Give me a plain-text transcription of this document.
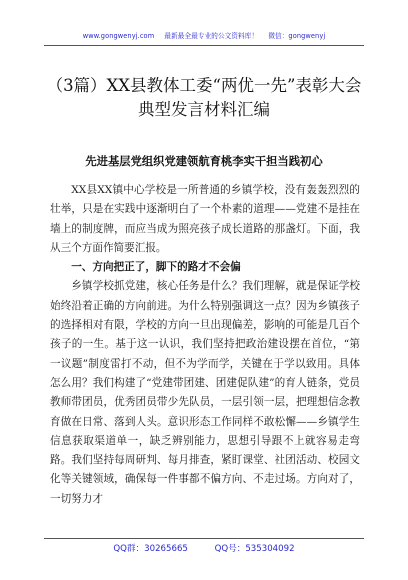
www.gongwenyj.com 最新最全最专业的公文资料库！ 微信：gongwenyj
（3篇）XX县教体工委“两优一先”表彰大会典型发言材料汇编
先进基层党组织党建领航育桃李实干担当践初心

XX县XX镇中心学校是一所普通的乡镇学校，没有轰轰烈烈的壮举，只是在实践中逐渐明白了一个朴素的道理——党建不是挂在墙上的制度牌，而应当成为照亮孩子成长道路的那盏灯。下面，我从三个方面作简要汇报。

一、方向把正了，脚下的路才不会偏

乡镇学校抓党建，核心任务是什么？我们理解，就是保证学校始终沿着正确的方向前进。为什么特别强调这一点？因为乡镇孩子的选择相对有限，学校的方向一旦出现偏差，影响的可能是几百个孩子的一生。基于这一认识，我们坚持把政治建设摆在首位，“第一议题”制度雷打不动，但不为学而学，关键在于学以致用。具体怎么用？我们构建了“党建带团建、团建促队建”的育人链条，党员教师带团员，优秀团员带少先队员，一层引领一层，把理想信念教育做在日常、落到人头。意识形态工作同样不敢松懈——乡镇学生信息获取渠道单一，缺乏辨别能力，思想引导跟不上就容易走弯路。我们坚持每周研判、每月排查，紧盯课堂、社团活动、校园文化等关键领域，确保每一件事都不偏方向、不走过场。方向对了，一切努力才

QQ群：30265665	QQ号：535304092
